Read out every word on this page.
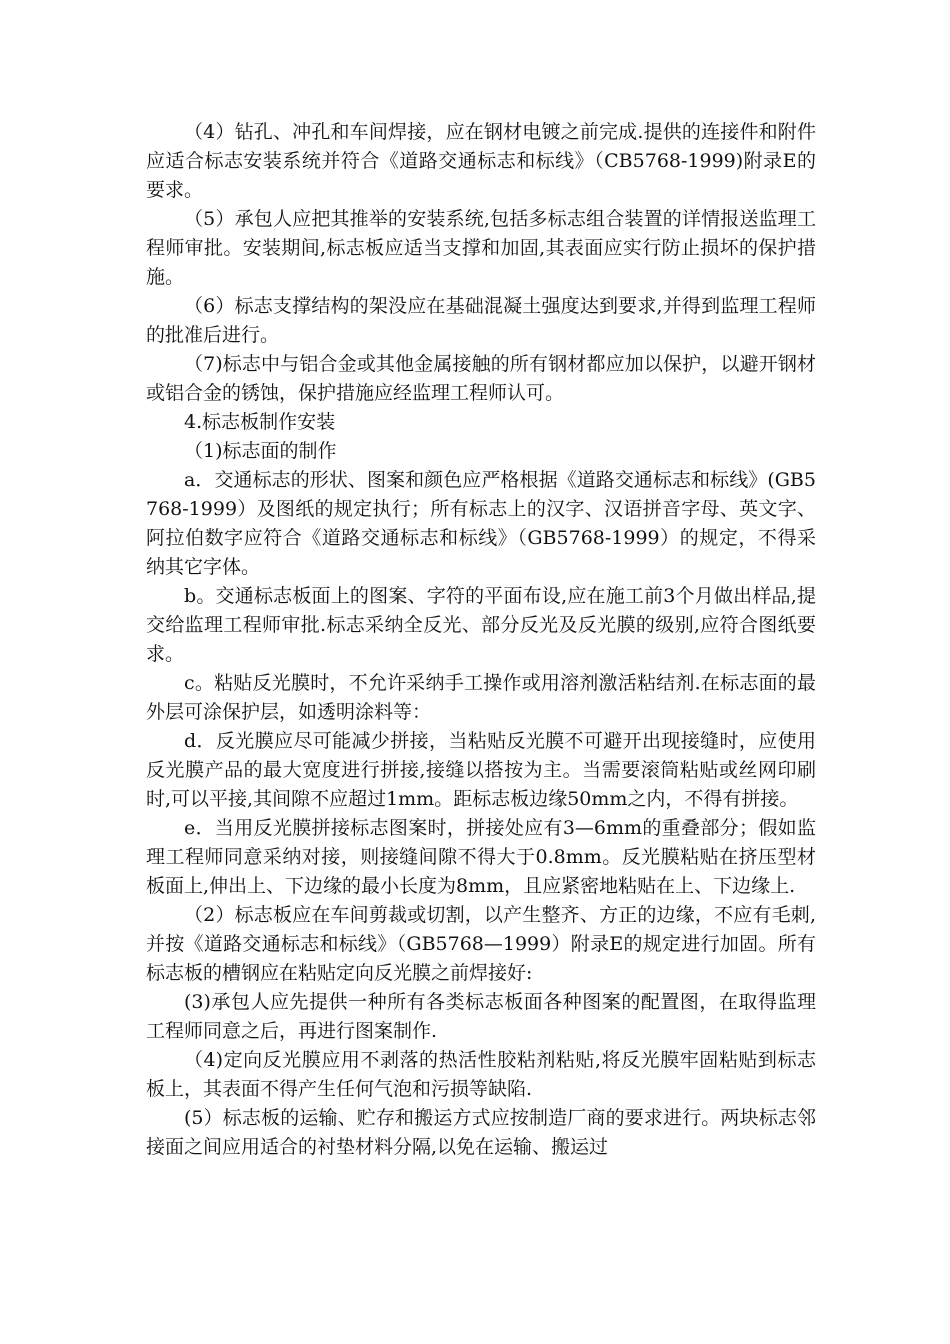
（4）钻孔、冲孔和车间焊接，应在钢材电镀之前完成.提供的连接件和附件应适合标志安装系统并符合《道路交通标志和标线》（CB5768-1999)附录E的要求。

（5）承包人应把其推举的安装系统,包括多标志组合装置的详情报送监理工程师审批。安装期间,标志板应适当支撑和加固,其表面应实行防止损坏的保护措施。

（6）标志支撑结构的架没应在基础混凝土强度达到要求,并得到监理工程师的批准后进行。

（7)标志中与铝合金或其他金属接触的所有钢材都应加以保护，以避开钢材或铝合金的锈蚀，保护措施应经监理工程师认可。

4.标志板制作安装

（1)标志面的制作

a．交通标志的形状、图案和颜色应严格根据《道路交通标志和标线》(GB5768-1999）及图纸的规定执行；所有标志上的汉字、汉语拼音字母、英文字、阿拉伯数字应符合《道路交通标志和标线》（GB5768-1999）的规定，不得采纳其它字体。

b。交通标志板面上的图案、字符的平面布设,应在施工前3个月做出样品,提交给监理工程师审批.标志采纳全反光、部分反光及反光膜的级别,应符合图纸要求。

c。粘贴反光膜时，不允许采纳手工操作或用溶剂激活粘结剂.在标志面的最外层可涂保护层，如透明涂料等：

d．反光膜应尽可能减少拼接，当粘贴反光膜不可避开出现接缝时，应使用反光膜产品的最大宽度进行拼接,接缝以搭按为主。当需要滚筒粘贴或丝网印刷时,可以平接,其间隙不应超过1mm。距标志板边缘50mm之内，不得有拼接。

e．当用反光膜拼接标志图案时，拼接处应有3—6mm的重叠部分；假如监理工程师同意采纳对接，则接缝间隙不得大于0.8mm。反光膜粘贴在挤压型材板面上,伸出上、下边缘的最小长度为8mm，且应紧密地粘贴在上、下边缘上.

（2）标志板应在车间剪裁或切割，以产生整齐、方正的边缘，不应有毛刺,并按《道路交通标志和标线》（GB5768—1999）附录E的规定进行加固。所有标志板的槽钢应在粘贴定向反光膜之前焊接好:

(3)承包人应先提供一种所有各类标志板面各种图案的配置图，在取得监理工程师同意之后，再进行图案制作.

（4)定向反光膜应用不剥落的热活性胶粘剂粘贴,将反光膜牢固粘贴到标志板上，其表面不得产生任何气泡和污损等缺陷.

(5）标志板的运输、贮存和搬运方式应按制造厂商的要求进行。两块标志邻接面之间应用适合的衬垫材料分隔,以免在运输、搬运过
